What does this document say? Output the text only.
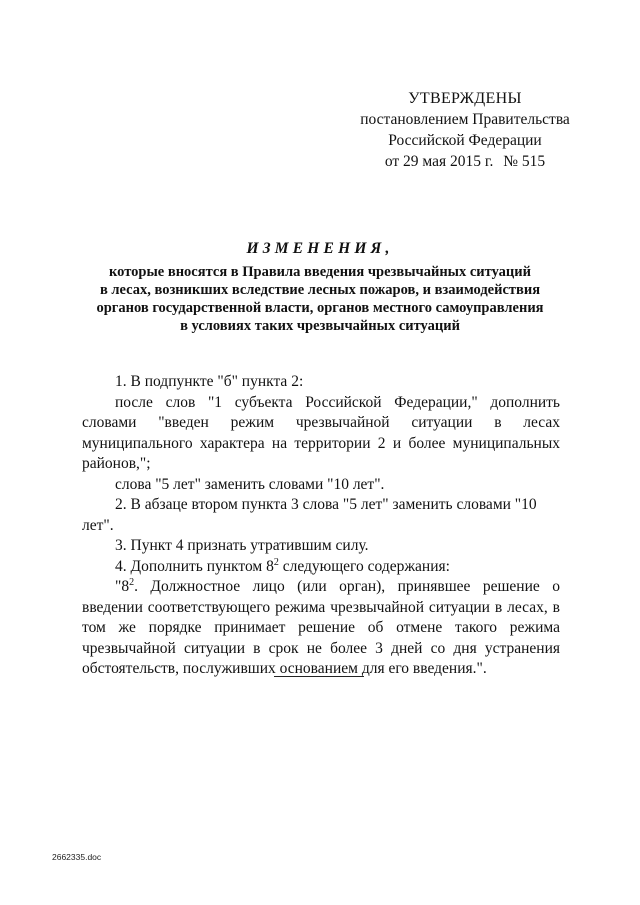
УТВЕРЖДЕНЫ
постановлением Правительства
Российской Федерации
от 29 мая 2015 г. № 515
ИЗМЕНЕНИЯ,
которые вносятся в Правила введения чрезвычайных ситуаций
в лесах, возникших вследствие лесных пожаров, и взаимодействия
органов государственной власти, органов местного самоуправления
в условиях таких чрезвычайных ситуаций

1. В подпункте "б" пункта 2:

после слов "1 субъекта Российской Федерации," дополнить словами "введен режим чрезвычайной ситуации в лесах муниципального характера на территории 2 и более муниципальных районов,";

слова "5 лет" заменить словами "10 лет".

2. В абзаце втором пункта 3 слова "5 лет" заменить словами "10 лет".

3. Пункт 4 признать утратившим силу.

4. Дополнить пунктом $8^2$ следующего содержания:

"$8^2$. Должностное лицо (или орган), принявшее решение о введении соответствующего режима чрезвычайной ситуации в лесах, в том же порядке принимает решение об отмене такого режима чрезвычайной ситуации в срок не более 3 дней со дня устранения обстоятельств, послуживших основанием для его введения.".

2662335.doc
